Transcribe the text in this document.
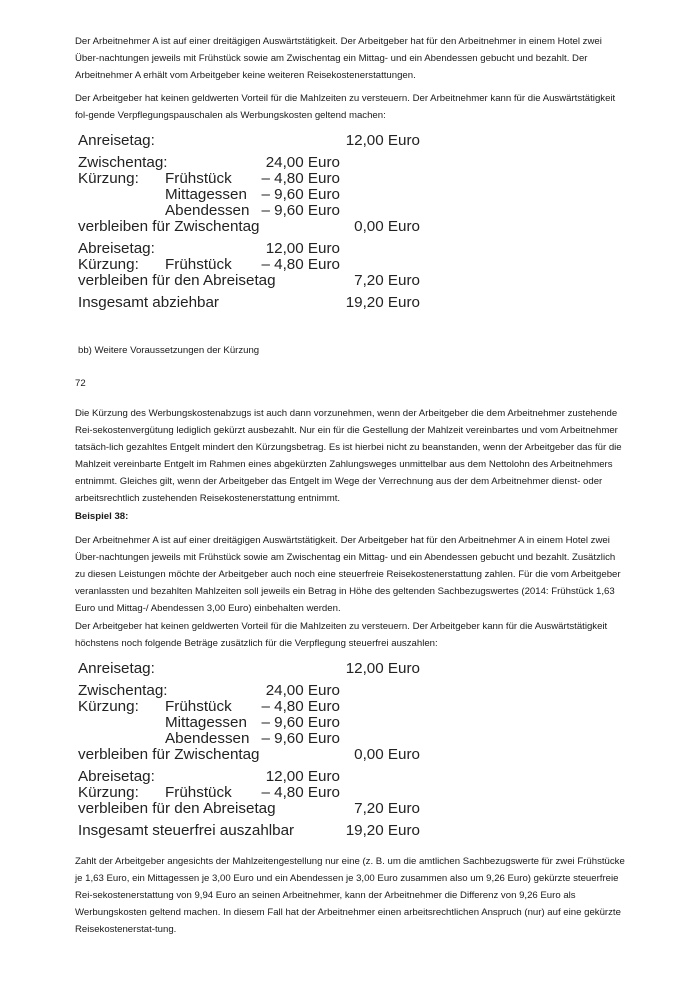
Der Arbeitnehmer A ist auf einer dreitägigen Auswärtstätigkeit. Der Arbeitgeber hat für den Arbeitnehmer in einem Hotel zwei Über-nachtungen jeweils mit Frühstück sowie am Zwischentag ein Mittag- und ein Abendessen gebucht und bezahlt. Der Arbeitnehmer A erhält vom Arbeitgeber keine weiteren Reisekostenerstattungen.

Der Arbeitgeber hat keinen geldwerten Vorteil für die Mahlzeiten zu versteuern. Der Arbeitnehmer kann für die Auswärtstätigkeit fol-gende Verpflegungspauschalen als Werbungskosten geltend machen:

Anreisetag:	12,00 Euro
Zwischentag:	24,00 Euro
Kürzung: Frühstück – 4,80 Euro
Mittagessen – 9,60 Euro
Abendessen – 9,60 Euro
verbleiben für Zwischentag	0,00 Euro
Abreisetag:	12,00 Euro
Kürzung: Frühstück – 4,80 Euro
verbleiben für den Abreisetag	7,20 Euro
Insgesamt abziehbar	19,20 Euro

bb) Weitere Voraussetzungen der Kürzung

72

Die Kürzung des Werbungskostenabzugs ist auch dann vorzunehmen, wenn der Arbeitgeber die dem Arbeitnehmer zustehende Rei-sekostenvergütung lediglich gekürzt ausbezahlt. Nur ein für die Gestellung der Mahlzeit vereinbartes und vom Arbeitnehmer tatsäch-lich gezahltes Entgelt mindert den Kürzungsbetrag. Es ist hierbei nicht zu beanstanden, wenn der Arbeitgeber das für die Mahlzeit vereinbarte Entgelt im Rahmen eines abgekürzten Zahlungsweges unmittelbar aus dem Nettolohn des Arbeitnehmers entnimmt. Gleiches gilt, wenn der Arbeitgeber das Entgelt im Wege der Verrechnung aus der dem Arbeitnehmer dienst- oder arbeitsrechtlich zustehenden Reisekostenerstattung entnimmt.

Beispiel 38:

Der Arbeitnehmer A ist auf einer dreitägigen Auswärtstätigkeit. Der Arbeitgeber hat für den Arbeitnehmer A in einem Hotel zwei Über-nachtungen jeweils mit Frühstück sowie am Zwischentag ein Mittag- und ein Abendessen gebucht und bezahlt. Zusätzlich zu diesen Leistungen möchte der Arbeitgeber auch noch eine steuerfreie Reisekostenerstattung zahlen. Für die vom Arbeitgeber veranlassten und bezahlten Mahlzeiten soll jeweils ein Betrag in Höhe des geltenden Sachbezugswertes (2014: Frühstück 1,63 Euro und Mittag-/ Abendessen 3,00 Euro) einbehalten werden.

Der Arbeitgeber hat keinen geldwerten Vorteil für die Mahlzeiten zu versteuern. Der Arbeitgeber kann für die Auswärtstätigkeit höchstens noch folgende Beträge zusätzlich für die Verpflegung steuerfrei auszahlen:

Anreisetag:	12,00 Euro
Zwischentag:	24,00 Euro
Kürzung: Frühstück – 4,80 Euro
Mittagessen – 9,60 Euro
Abendessen – 9,60 Euro
verbleiben für Zwischentag	0,00 Euro
Abreisetag:	12,00 Euro
Kürzung: Frühstück – 4,80 Euro
verbleiben für den Abreisetag	7,20 Euro
Insgesamt steuerfrei auszahlbar	19,20 Euro

Zahlt der Arbeitgeber angesichts der Mahlzeitengestellung nur eine (z. B. um die amtlichen Sachbezugswerte für zwei Frühstücke je 1,63 Euro, ein Mittagessen je 3,00 Euro und ein Abendessen je 3,00 Euro zusammen also um 9,26 Euro) gekürzte steuerfreie Rei-sekostenerstattung von 9,94 Euro an seinen Arbeitnehmer, kann der Arbeitnehmer die Differenz von 9,26 Euro als Werbungskosten geltend machen. In diesem Fall hat der Arbeitnehmer einen arbeitsrechtlichen Anspruch (nur) auf eine gekürzte Reisekostenerstat-tung.
